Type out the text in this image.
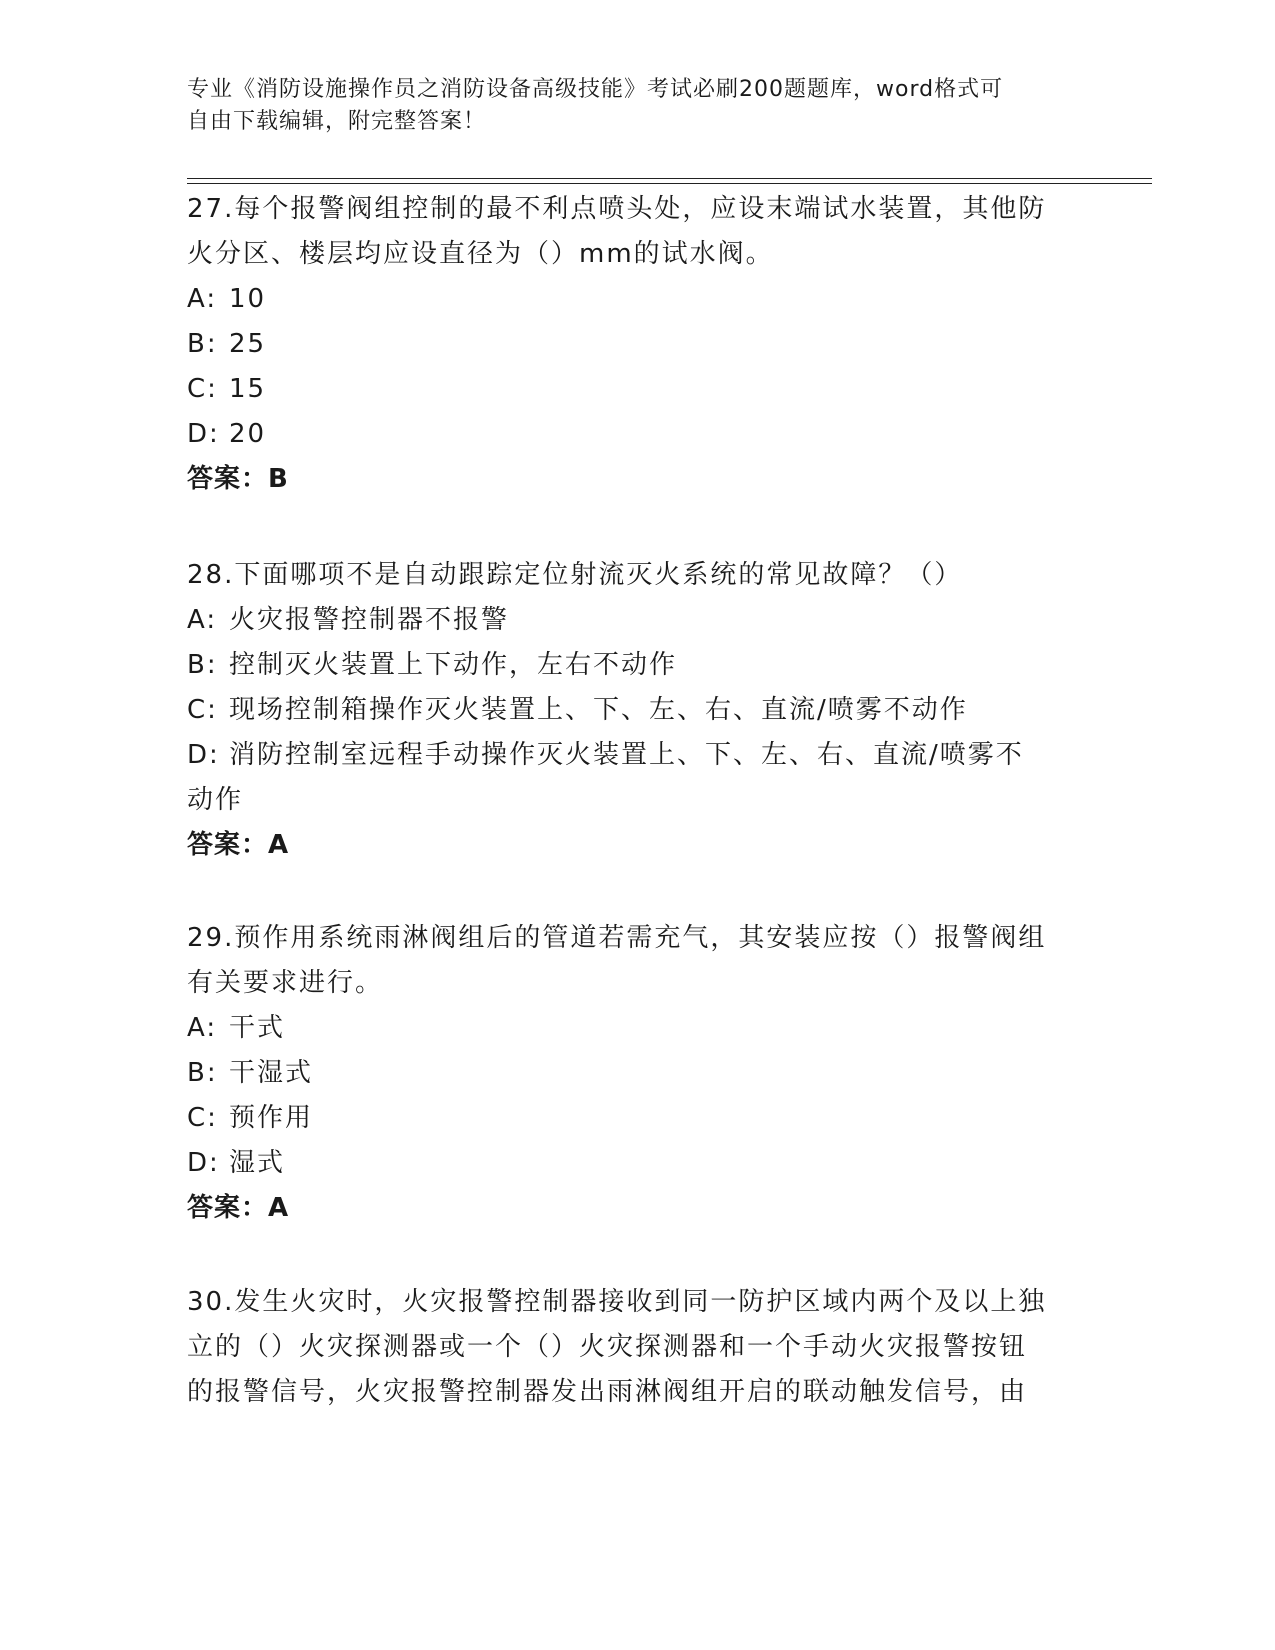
专业《消防设施操作员之消防设备高级技能》考试必刷200题题库，word格式可
自由下载编辑，附完整答案！
27.每个报警阀组控制的最不利点喷头处，应设末端试水装置，其他防
火分区、楼层均应设直径为（）mm的试水阀。
A: 10
B: 25
C: 15
D: 20
答案：B
28.下面哪项不是自动跟踪定位射流灭火系统的常见故障？（）
A: 火灾报警控制器不报警
B: 控制灭火装置上下动作，左右不动作
C: 现场控制箱操作灭火装置上、下、左、右、直流/喷雾不动作
D: 消防控制室远程手动操作灭火装置上、下、左、右、直流/喷雾不
动作
答案：A
29.预作用系统雨淋阀组后的管道若需充气，其安装应按（）报警阀组
有关要求进行。
A: 干式
B: 干湿式
C: 预作用
D: 湿式
答案：A
30.发生火灾时，火灾报警控制器接收到同一防护区域内两个及以上独
立的（）火灾探测器或一个（）火灾探测器和一个手动火灾报警按钮
的报警信号，火灾报警控制器发出雨淋阀组开启的联动触发信号，由
